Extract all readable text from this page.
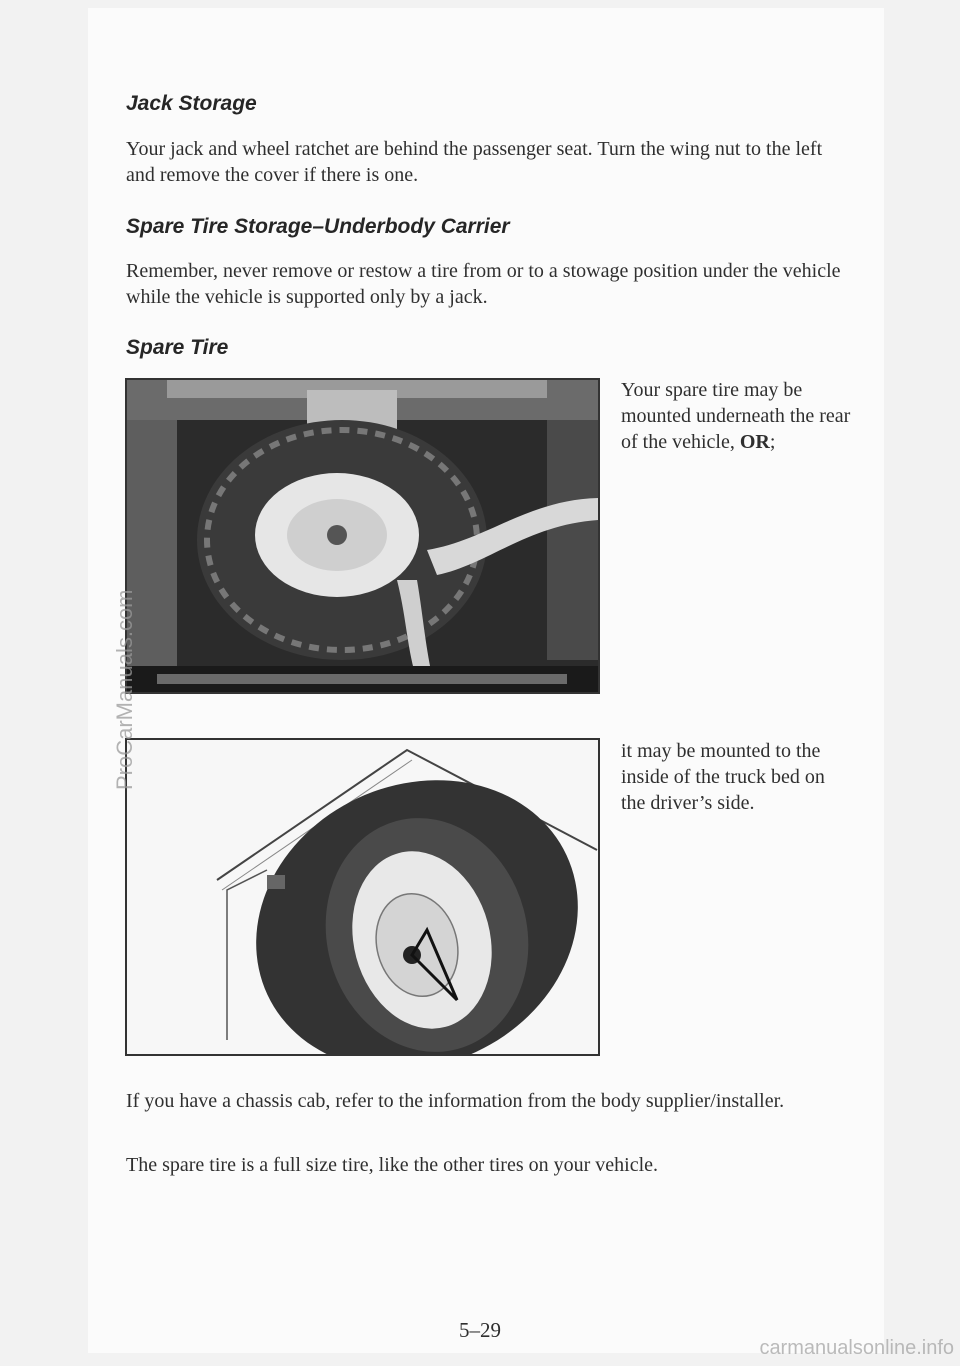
Jack Storage

Your jack and wheel ratchet are behind the passenger seat. Turn the wing nut to the left and remove the cover if there is one.

Spare Tire Storage–Underbody Carrier

Remember, never remove or restow a tire from or to a stowage position under the vehicle while the vehicle is supported only by a jack.

Spare Tire

Your spare tire may be mounted underneath the rear of the vehicle, OR;

it may be mounted to the inside of the truck bed on the driver’s side.

If you have a chassis cab, refer to the information from the body supplier/installer.

The spare tire is a full size tire, like the other tires on your vehicle.

5–29
ProCarManuals.com
carmanualsonline.info
